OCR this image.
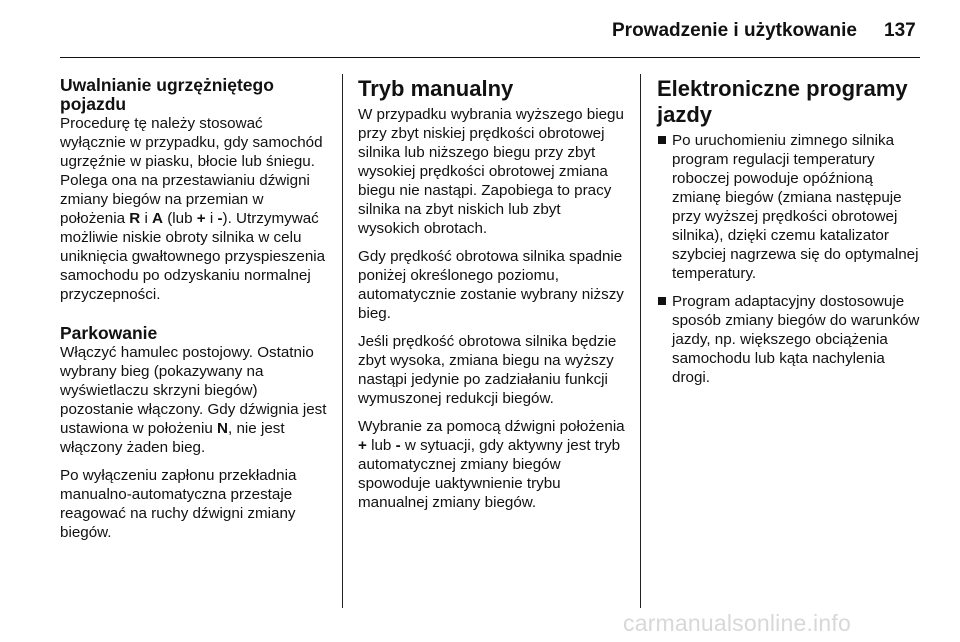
Prowadzenie i użytkowanie 137
Uwalnianie ugrzężniętego pojazdu

Procedurę tę należy stosować wyłącznie w przypadku, gdy samochód ugrzęźnie w piasku, błocie lub śniegu. Polega ona na przestawianiu dźwigni zmiany biegów na przemian w położenia R i A (lub + i -). Utrzymywać możliwie niskie obroty silnika w celu uniknięcia gwałtownego przyspieszenia samochodu po odzyskaniu normalnej przyczepności.

Parkowanie

Włączyć hamulec postojowy. Ostatnio wybrany bieg (pokazywany na wyświetlaczu skrzyni biegów) pozostanie włączony. Gdy dźwignia jest ustawiona w położeniu N, nie jest włączony żaden bieg.

Po wyłączeniu zapłonu przekładnia manualno-automatyczna przestaje reagować na ruchy dźwigni zmiany biegów.

Tryb manualny

W przypadku wybrania wyższego biegu przy zbyt niskiej prędkości obrotowej silnika lub niższego biegu przy zbyt wysokiej prędkości obrotowej zmiana biegu nie nastąpi. Zapobiega to pracy silnika na zbyt niskich lub zbyt wysokich obrotach.

Gdy prędkość obrotowa silnika spadnie poniżej określonego poziomu, automatycznie zostanie wybrany niższy bieg.

Jeśli prędkość obrotowa silnika będzie zbyt wysoka, zmiana biegu na wyższy nastąpi jedynie po zadziałaniu funkcji wymuszonej redukcji biegów.

Wybranie za pomocą dźwigni położenia + lub - w sytuacji, gdy aktywny jest tryb automatycznej zmiany biegów spowoduje uaktywnienie trybu manualnej zmiany biegów.

Elektroniczne programy jazdy
Po uruchomieniu zimnego silnika program regulacji temperatury roboczej powoduje opóźnioną zmianę biegów (zmiana następuje przy wyższej prędkości obrotowej silnika), dzięki czemu katalizator szybciej nagrzewa się do optymalnej temperatury.
Program adaptacyjny dostosowuje sposób zmiany biegów do warunków jazdy, np. większego obciążenia samochodu lub kąta nachylenia drogi.
carmanualsonline.info
